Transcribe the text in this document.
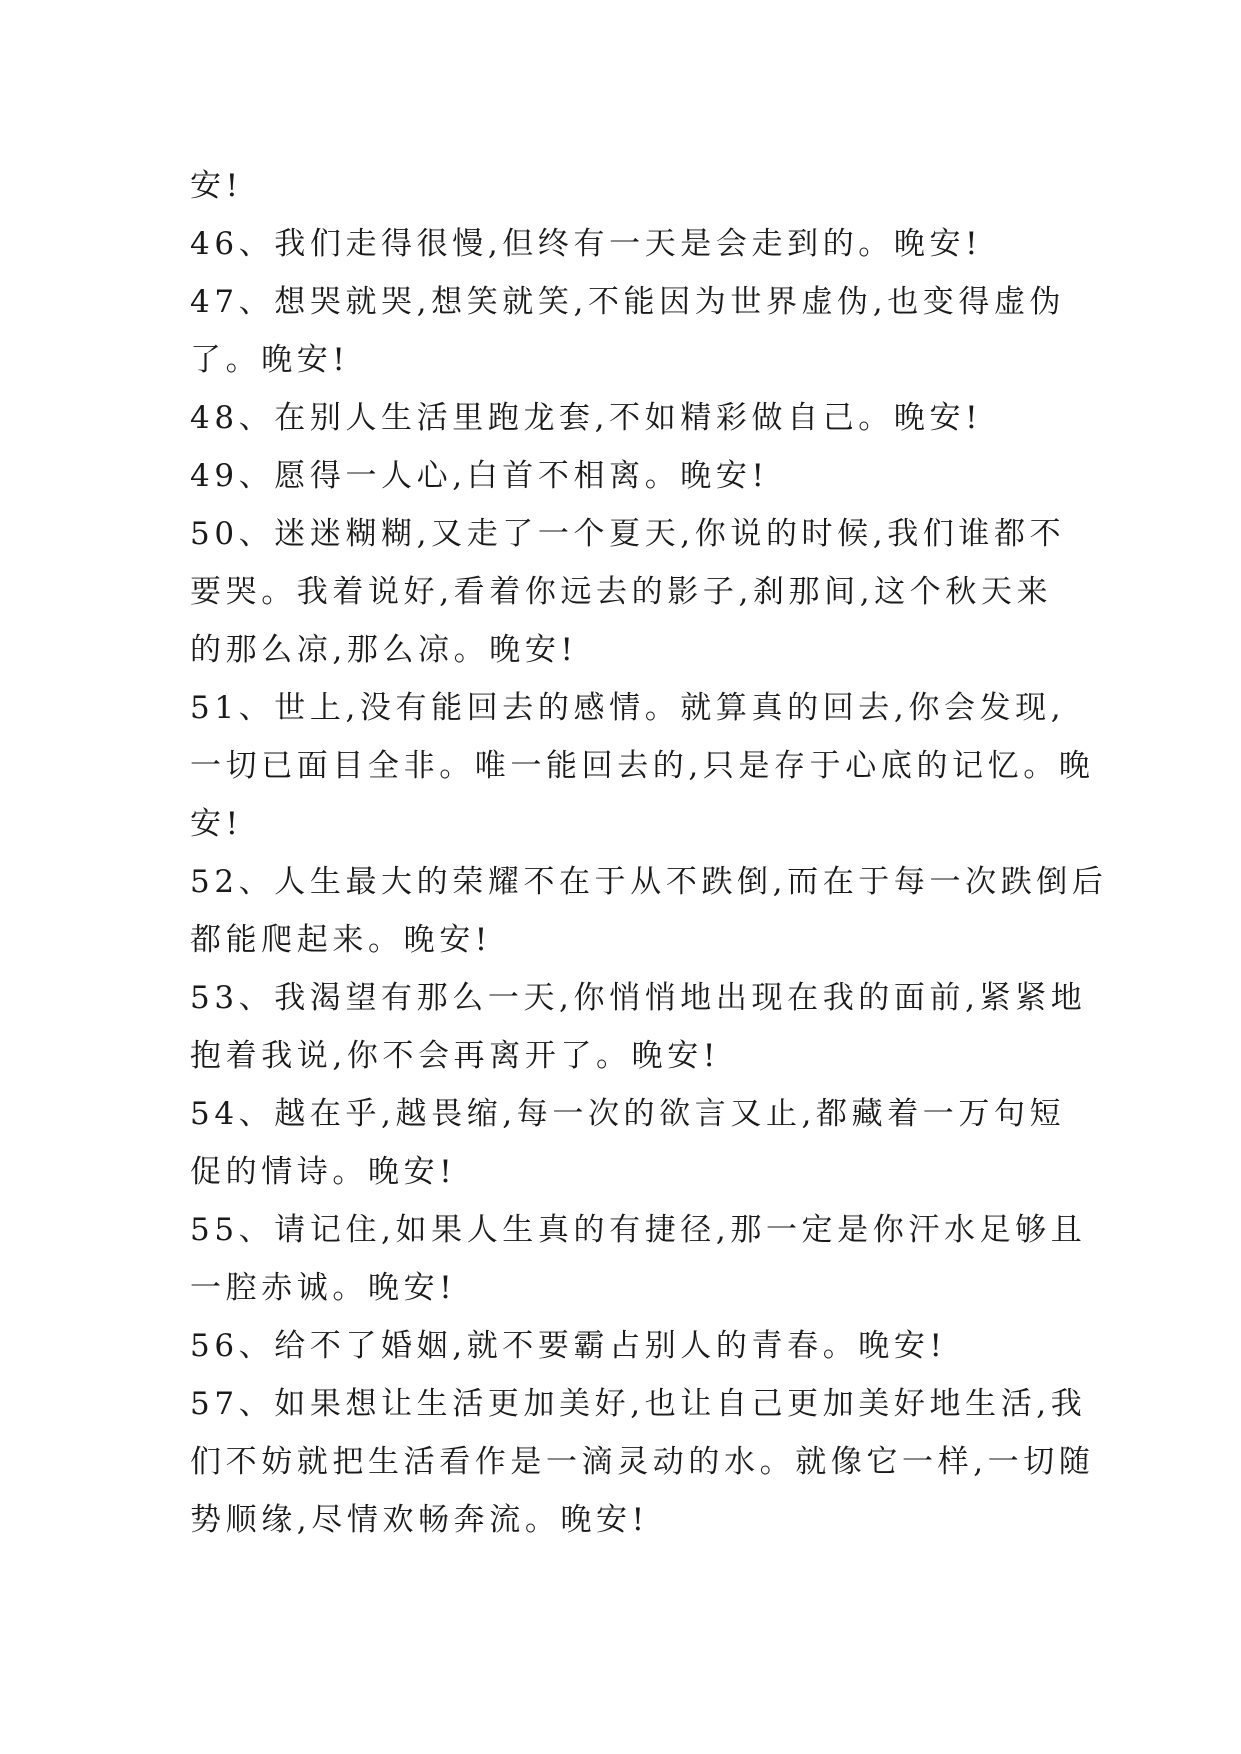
安!
46、我们走得很慢,但终有一天是会走到的。晚安!
47、想哭就哭,想笑就笑,不能因为世界虚伪,也变得虚伪
了。晚安!
48、在别人生活里跑龙套,不如精彩做自己。晚安!
49、愿得一人心,白首不相离。晚安!
50、迷迷糊糊,又走了一个夏天,你说的时候,我们谁都不
要哭。我着说好,看着你远去的影子,刹那间,这个秋天来
的那么凉,那么凉。晚安!
51、世上,没有能回去的感情。就算真的回去,你会发现,
一切已面目全非。唯一能回去的,只是存于心底的记忆。晚
安!
52、人生最大的荣耀不在于从不跌倒,而在于每一次跌倒后
都能爬起来。晚安!
53、我渴望有那么一天,你悄悄地出现在我的面前,紧紧地
抱着我说,你不会再离开了。晚安!
54、越在乎,越畏缩,每一次的欲言又止,都藏着一万句短
促的情诗。晚安!
55、请记住,如果人生真的有捷径,那一定是你汗水足够且
一腔赤诚。晚安!
56、给不了婚姻,就不要霸占别人的青春。晚安!
57、如果想让生活更加美好,也让自己更加美好地生活,我
们不妨就把生活看作是一滴灵动的水。就像它一样,一切随
势顺缘,尽情欢畅奔流。晚安!
